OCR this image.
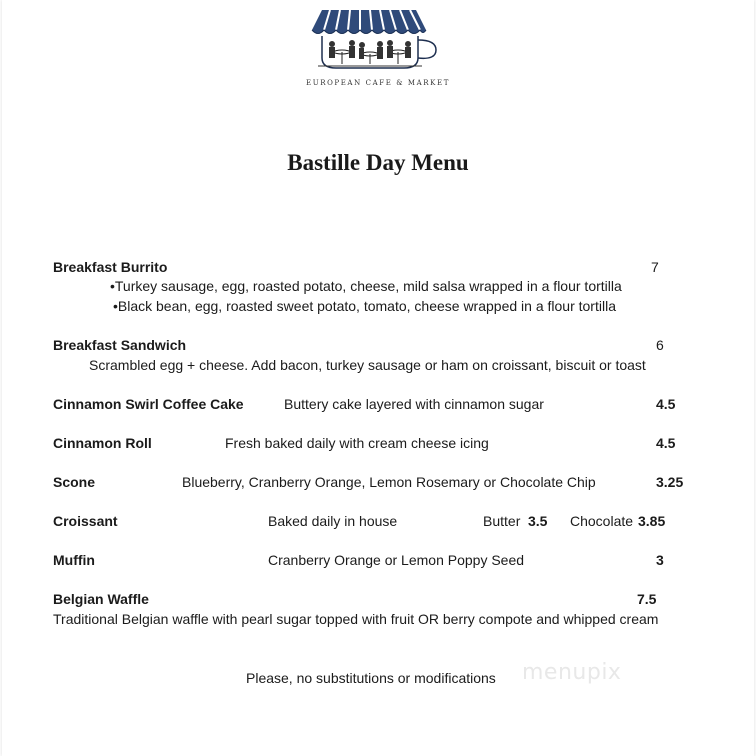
EUROPEAN CAFE & MARKET
Bastille Day Menu
Breakfast Burrito	7
•Turkey sausage, egg, roasted potato, cheese, mild salsa wrapped in a flour tortilla
•Black bean, egg, roasted sweet potato, tomato, cheese wrapped in a flour tortilla
Breakfast Sandwich	6
Scrambled egg + cheese. Add bacon, turkey sausage or ham on croissant, biscuit or toast
Cinnamon Swirl Coffee Cake	Buttery cake layered with cinnamon sugar	4.5
Cinnamon Roll	Fresh baked daily with cream cheese icing	4.5
Scone	Blueberry, Cranberry Orange, Lemon Rosemary or Chocolate Chip	3.25
Croissant	Baked daily in house	Butter 3.5 Chocolate 3.85
Muffin	Cranberry Orange or Lemon Poppy Seed	3
Belgian Waffle	7.5
Traditional Belgian waffle with pearl sugar topped with fruit OR berry compote and whipped cream
Please, no substitutions or modifications menupix
